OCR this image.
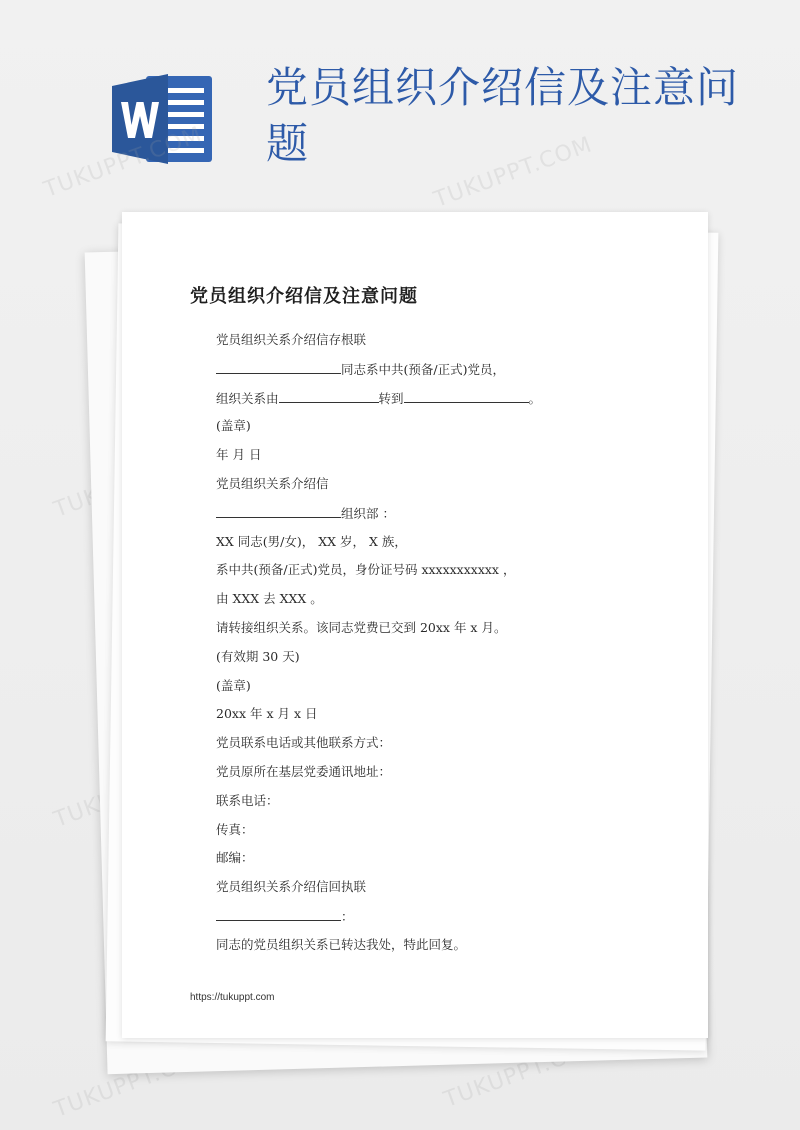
党员组织介绍信及注意问题
TUKUPPT.COM	TUKUPPT.COM
TUKUPPT.COM	TUKUPPT.COM
党员组织介绍信及注意问题
党员组织关系介绍信存根联
同志系中共(预备/正式)党员，
组织关系由	转到	。
(盖章)
年 月 日
党员组织关系介绍信
组织部 ：
XX 同志(男/女)， XX 岁， X 族，
系中共(预备/正式)党员，身份证号码 xxxxxxxxxxx ，
由 XXX 去 XXX 。
请转接组织关系。该同志党费已交到 20xx 年 x 月。
(有效期 30 天)
(盖章)
20xx 年 x 月 x 日
党员联系电话或其他联系方式：
党员原所在基层党委通讯地址：
联系电话：
传真：
邮编：
党员组织关系介绍信回执联
：
同志的党员组织关系已转达我处，特此回复。
https://tukuppt.com
